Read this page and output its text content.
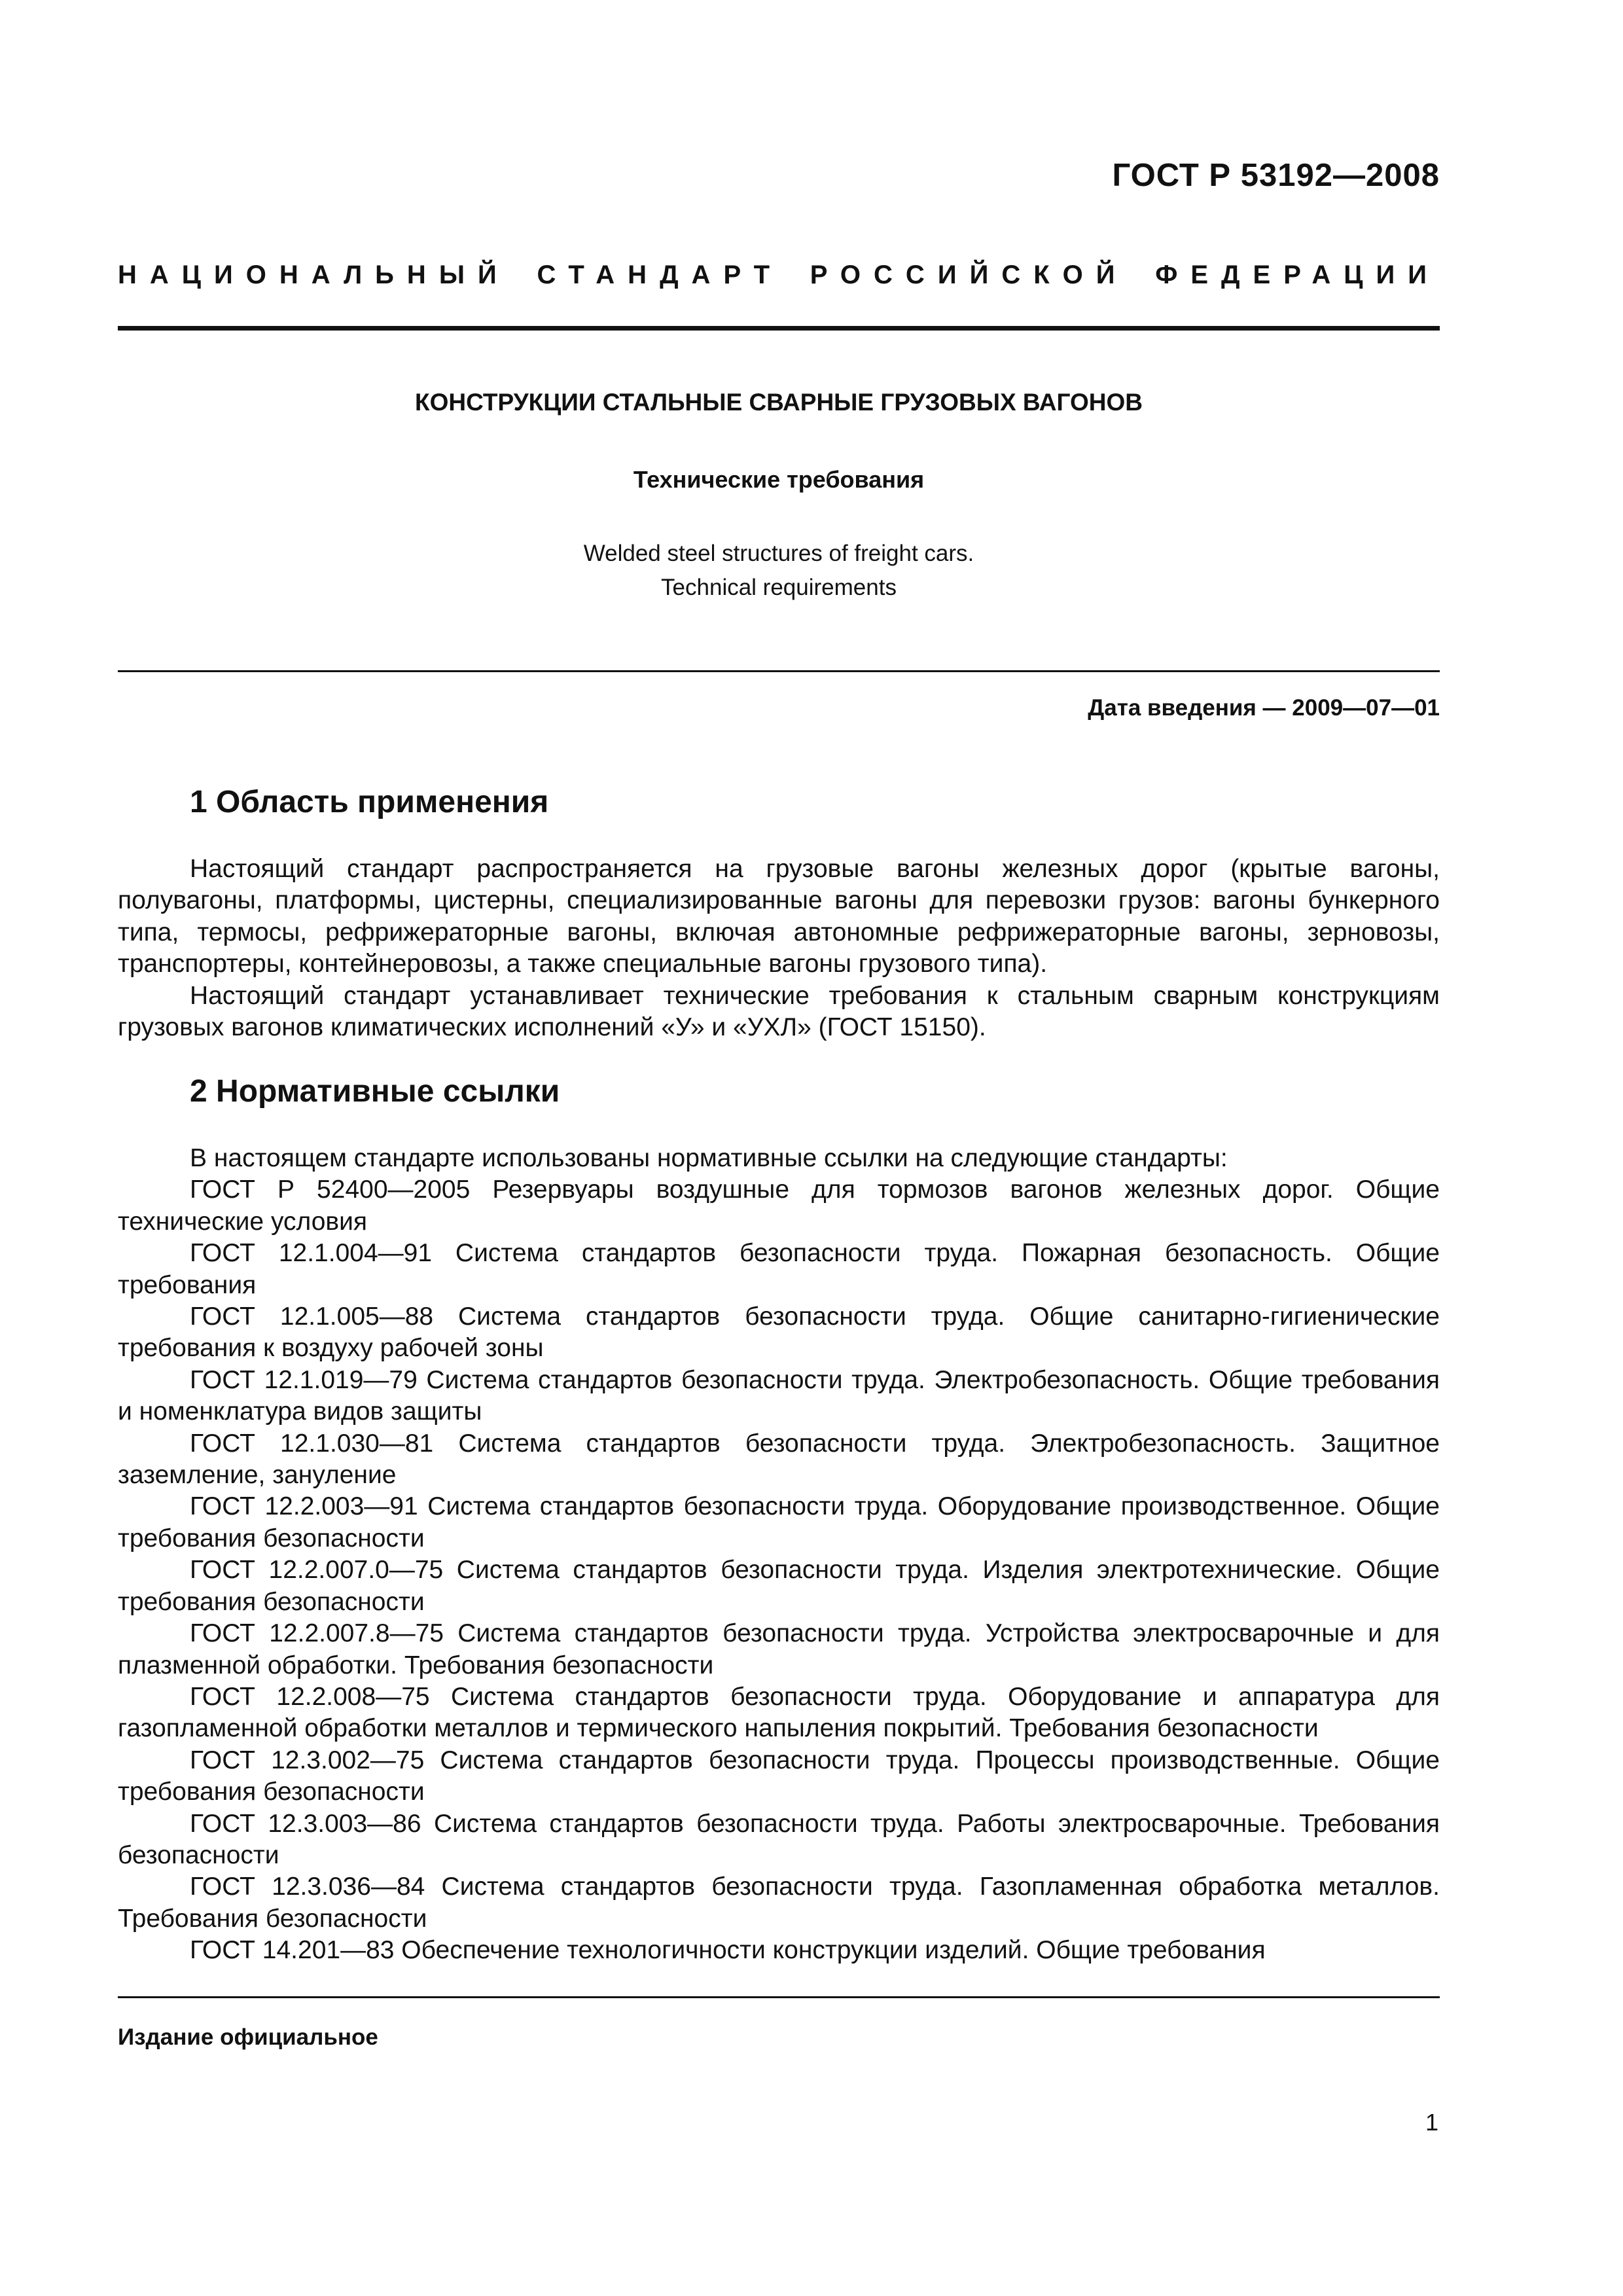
ГОСТ Р 53192—2008
НАЦИОНАЛЬНЫЙ СТАНДАРТ РОССИЙСКОЙ ФЕДЕРАЦИИ
КОНСТРУКЦИИ СТАЛЬНЫЕ СВАРНЫЕ ГРУЗОВЫХ ВАГОНОВ
Технические требования
Welded steel structures of freight cars.
Technical requirements
Дата введения — 2009—07—01
1 Область применения

Настоящий стандарт распространяется на грузовые вагоны железных дорог (крытые вагоны, полувагоны, платформы, цистерны, специализированные вагоны для перевозки грузов: вагоны бункерного типа, термосы, рефрижераторные вагоны, включая автономные рефрижераторные вагоны, зерновозы, транспортеры, контейнеровозы, а также специальные вагоны грузового типа).

Настоящий стандарт устанавливает технические требования к стальным сварным конструкциям грузовых вагонов климатических исполнений «У» и «УХЛ» (ГОСТ 15150).

2 Нормативные ссылки

В настоящем стандарте использованы нормативные ссылки на следующие стандарты:

ГОСТ Р 52400—2005 Резервуары воздушные для тормозов вагонов железных дорог. Общие технические условия

ГОСТ 12.1.004—91 Система стандартов безопасности труда. Пожарная безопасность. Общие требования

ГОСТ 12.1.005—88 Система стандартов безопасности труда. Общие санитарно-гигиенические требования к воздуху рабочей зоны

ГОСТ 12.1.019—79 Система стандартов безопасности труда. Электробезопасность. Общие требования и номенклатура видов защиты

ГОСТ 12.1.030—81 Система стандартов безопасности труда. Электробезопасность. Защитное заземление, зануление

ГОСТ 12.2.003—91 Система стандартов безопасности труда. Оборудование производственное. Общие требования безопасности

ГОСТ 12.2.007.0—75 Система стандартов безопасности труда. Изделия электротехнические. Общие требования безопасности

ГОСТ 12.2.007.8—75 Система стандартов безопасности труда. Устройства электросварочные и для плазменной обработки. Требования безопасности

ГОСТ 12.2.008—75 Система стандартов безопасности труда. Оборудование и аппаратура для газопламенной обработки металлов и термического напыления покрытий. Требования безопасности

ГОСТ 12.3.002—75 Система стандартов безопасности труда. Процессы производственные. Общие требования безопасности

ГОСТ 12.3.003—86 Система стандартов безопасности труда. Работы электросварочные. Требования безопасности

ГОСТ 12.3.036—84 Система стандартов безопасности труда. Газопламенная обработка металлов. Требования безопасности

ГОСТ 14.201—83 Обеспечение технологичности конструкции изделий. Общие требования

Издание официальное
1
